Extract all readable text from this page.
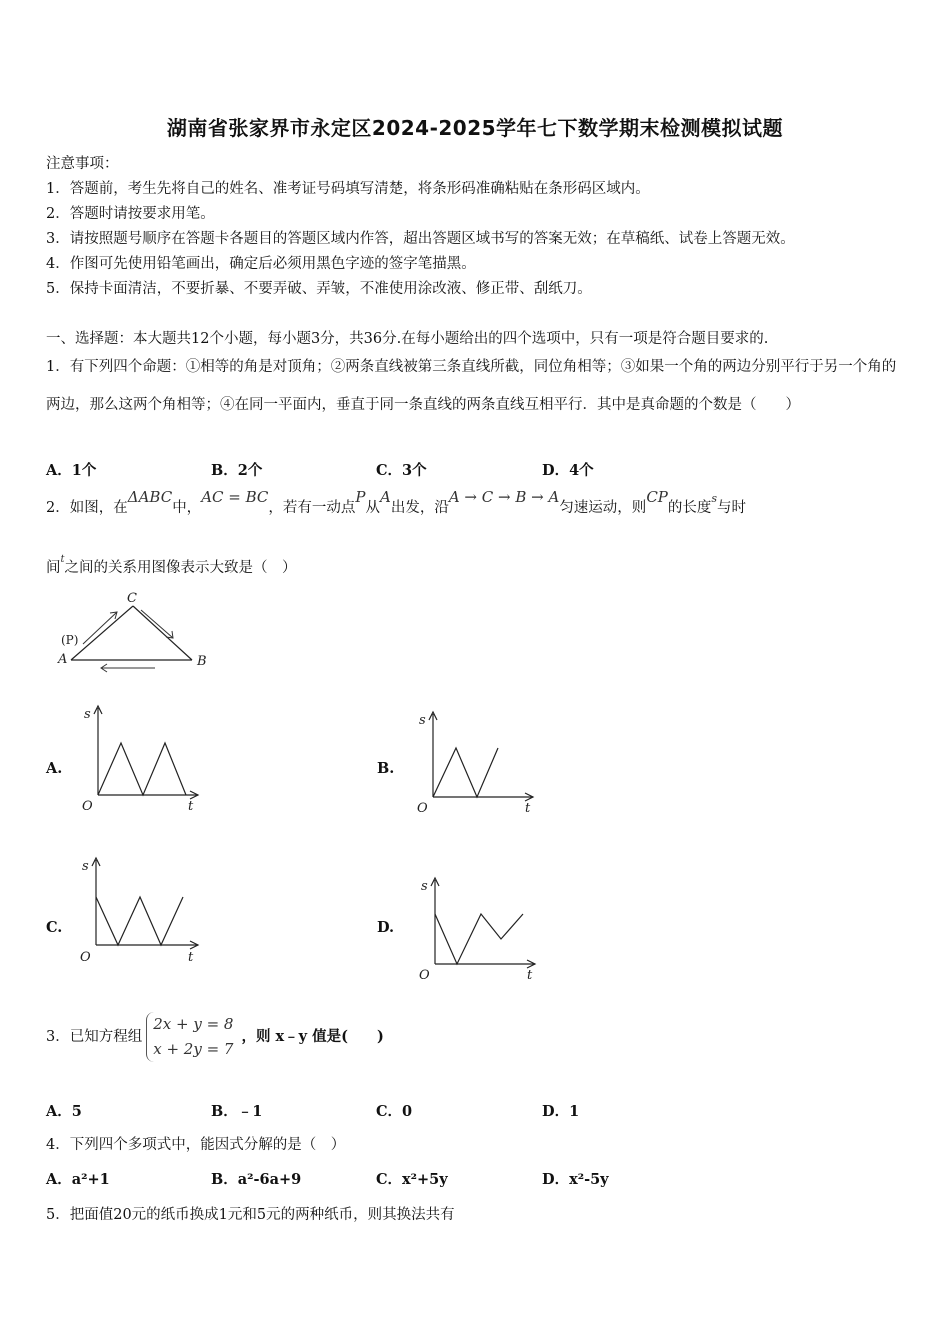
湖南省张家界市永定区2024-2025学年七下数学期末检测模拟试题
注意事项：
1．答题前，考生先将自己的姓名、准考证号码填写清楚，将条形码准确粘贴在条形码区域内。
2．答题时请按要求用笔。
3．请按照题号顺序在答题卡各题目的答题区域内作答，超出答题区域书写的答案无效；在草稿纸、试卷上答题无效。
4．作图可先使用铅笔画出，确定后必须用黑色字迹的签字笔描黑。
5．保持卡面清洁，不要折暴、不要弄破、弄皱，不准使用涂改液、修正带、刮纸刀。
一、选择题：本大题共12个小题，每小题3分，共36分.在每小题给出的四个选项中，只有一项是符合题目要求的.
1．有下列四个命题：①相等的角是对顶角；②两条直线被第三条直线所截，同位角相等；③如果一个角的两边分别平行于另一个角的两边，那么这两个角相等；④在同一平面内，垂直于同一条直线的两条直线互相平行．其中是真命题的个数是（　　）
A．1个	B．2个	C．3个	D．4个
2．如图，在ΔABC中，AC = BC，若有一动点P从A出发，沿A → C → B → A匀速运动，则CP的长度$^s$与时
间$^t$之间的关系用图像表示大致是（　）
C
(P)
A	B
A.
s
O	t
B.
s
O	t
C.
s
O	t
D.
s
O	t
3．已知方程组2x + y = 8
x + 2y = 7，则 x﹣y 值是(　　)
A．5	B．﹣1	C．0	D．1
4．下列四个多项式中，能因式分解的是（　）
A．a²+1	B．a²-6a+9	C．x²+5y	D．x²-5y
5．把面值20元的纸币换成1元和5元的两种纸币，则其换法共有
